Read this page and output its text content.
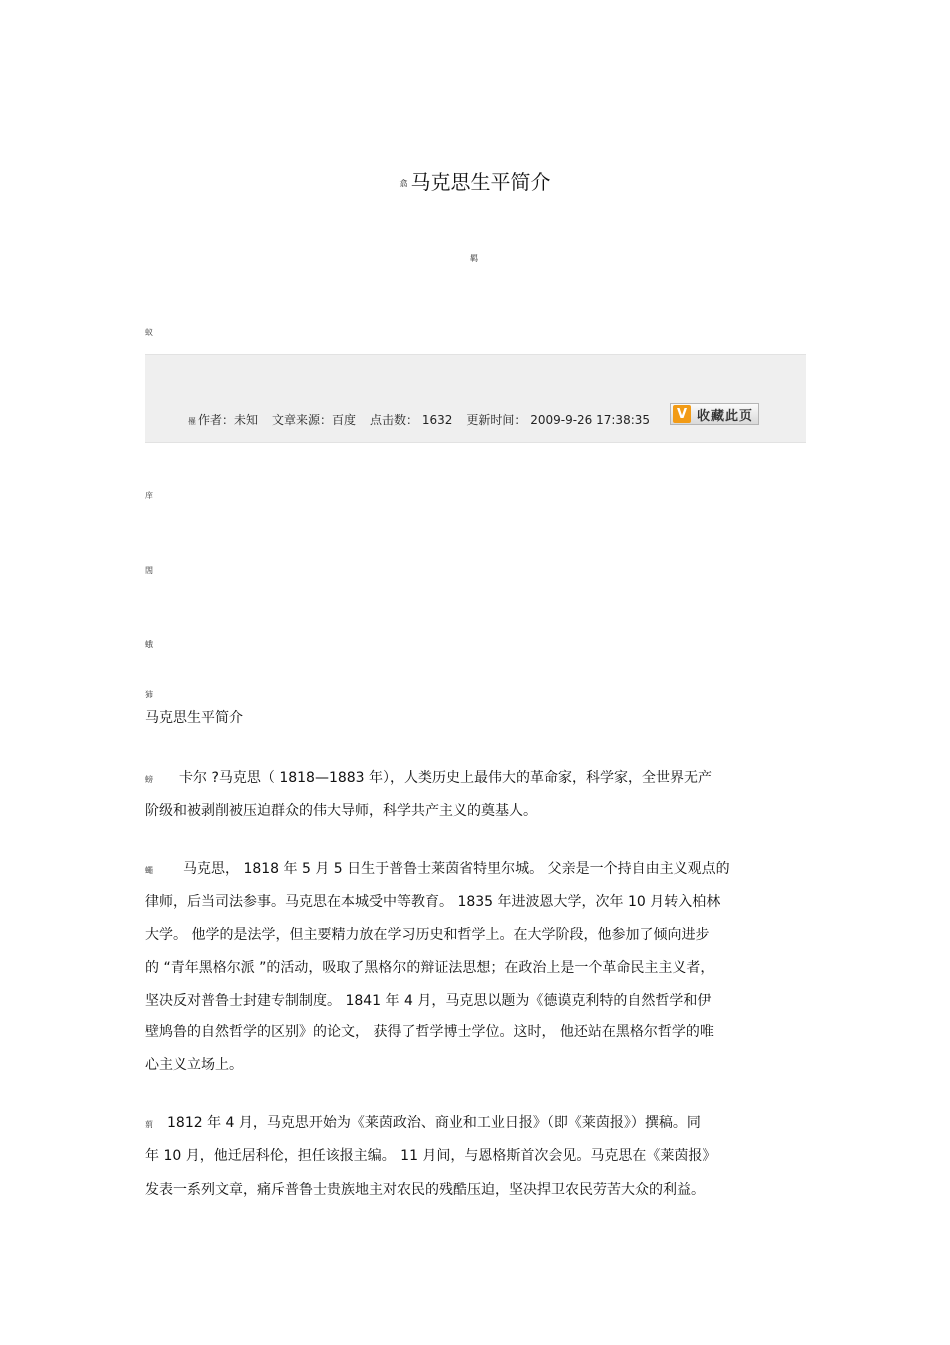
翕 马克思生平简介
羁
蚁
罹 作者：未知 文章来源：百度 点击数： 1632 更新时间： 2009-9-26 17:38:35	V 收藏此页
庠
閤
蛾
犻
马克思生平简介
螃 卡尔 ?马克思（ 1818—1883 年），人类历史上最伟大的革命家，科学家，全世界无产
阶级和被剥削被压迫群众的伟大导师，科学共产主义的奠基人。
蠅 马克思， 1818 年 5 月 5 日生于普鲁士莱茵省特里尔城。 父亲是一个持自由主义观点的
律师，后当司法参事。马克思在本城受中等教育。 1835 年进波恩大学，次年 10 月转入柏林
大学。 他学的是法学，但主要精力放在学习历史和哲学上。在大学阶段，他参加了倾向进步
的 “青年黑格尔派 ”的活动，吸取了黑格尔的辩证法思想；在政治上是一个革命民主主义者，
坚决反对普鲁士封建专制制度。 1841 年 4 月，马克思以题为《德谟克利特的自然哲学和伊
壁鸠鲁的自然哲学的区别》的论文， 获得了哲学博士学位。这时， 他还站在黑格尔哲学的唯
心主义立场上。
莂 1812 年 4 月，马克思开始为《莱茵政治、商业和工业日报》（即《莱茵报》）撰稿。同
年 10 月，他迁居科伦，担任该报主编。 11 月间，与恩格斯首次会见。马克思在《莱茵报》
发表一系列文章，痛斥普鲁士贵族地主对农民的残酷压迫，坚决捍卫农民劳苦大众的利益。
